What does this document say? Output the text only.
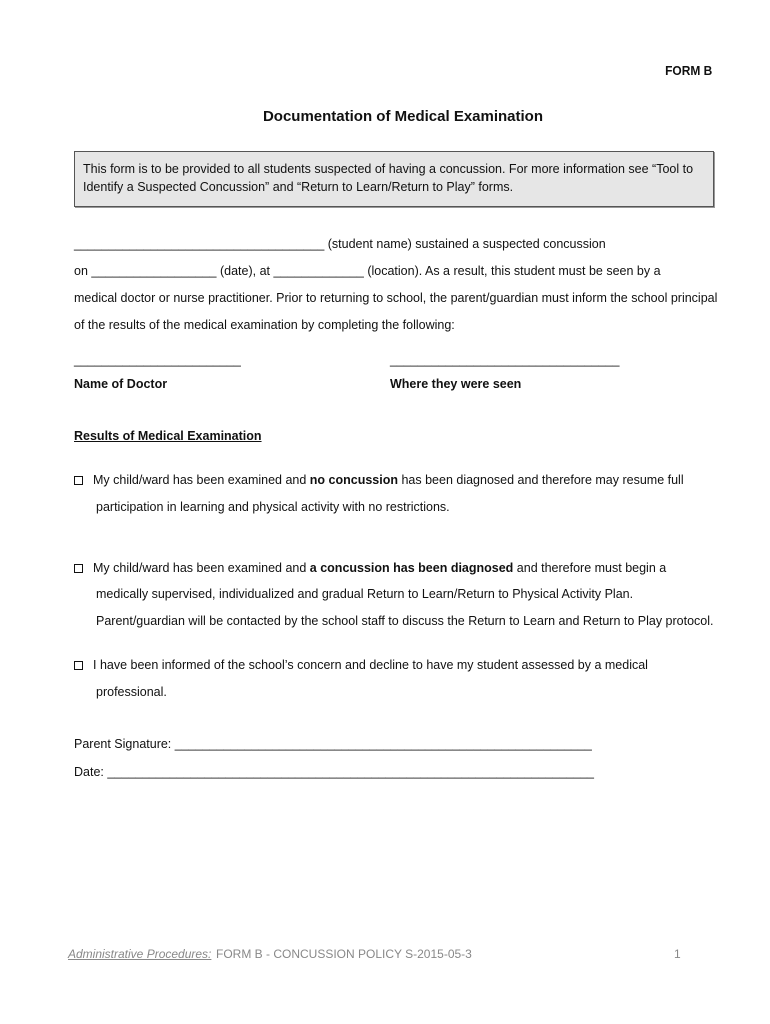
FORM B
Documentation of Medical Examination
This form is to be provided to all students suspected of having a concussion. For more information see “Tool to Identify a Suspected Concussion” and “Return to Learn/Return to Play” forms.
____________________________________ (student name) sustained a suspected concussion
on __________________ (date), at _____________ (location). As a result, this student must be seen by a
medical doctor or nurse practitioner. Prior to returning to school, the parent/guardian must inform the school principal
of the results of the medical examination by completing the following:
________________________
Name of Doctor
_________________________________
Where they were seen
Results of Medical Examination
My child/ward has been examined and no concussion has been diagnosed and therefore may resume full
participation in learning and physical activity with no restrictions.
My child/ward has been examined and a concussion has been diagnosed and therefore must begin a
medically supervised, individualized and gradual Return to Learn/Return to Physical Activity Plan.
Parent/guardian will be contacted by the school staff to discuss the Return to Learn and Return to Play protocol.
I have been informed of the school’s concern and decline to have my student assessed by a medical
professional.
Parent Signature: ____________________________________________________________
Date: ______________________________________________________________________
Administrative Procedures: FORM B - CONCUSSION POLICY S-2015-05-3	1
